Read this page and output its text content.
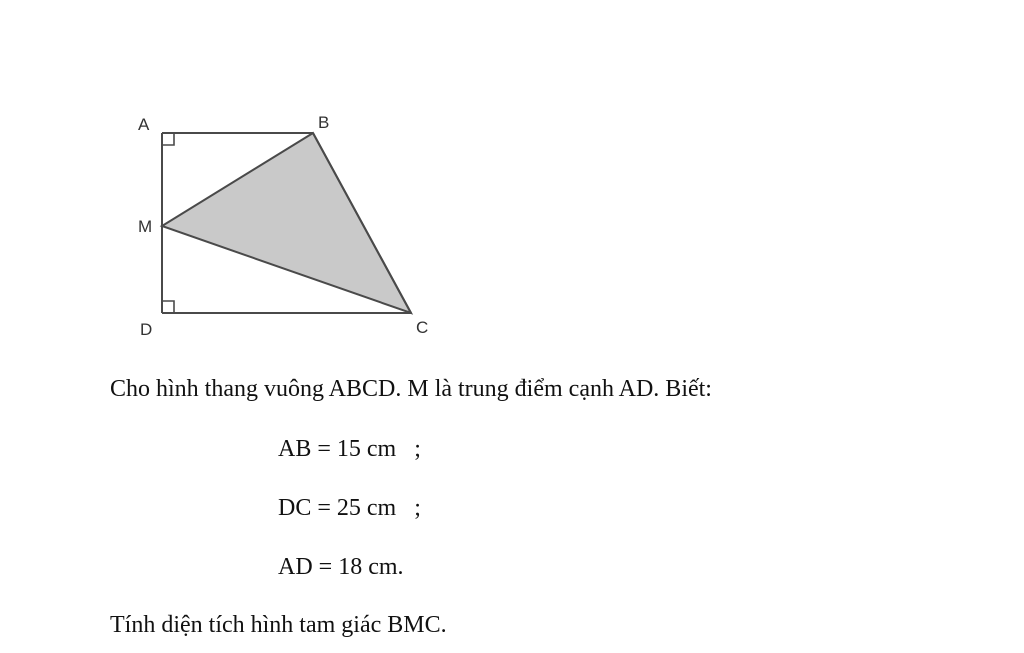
A	B
M
D	C
Cho hình thang vuông ABCD. M là trung điểm cạnh AD. Biết:
AB = 15 cm   ;
DC = 25 cm   ;
AD = 18 cm.
Tính diện tích hình tam giác BMC.
